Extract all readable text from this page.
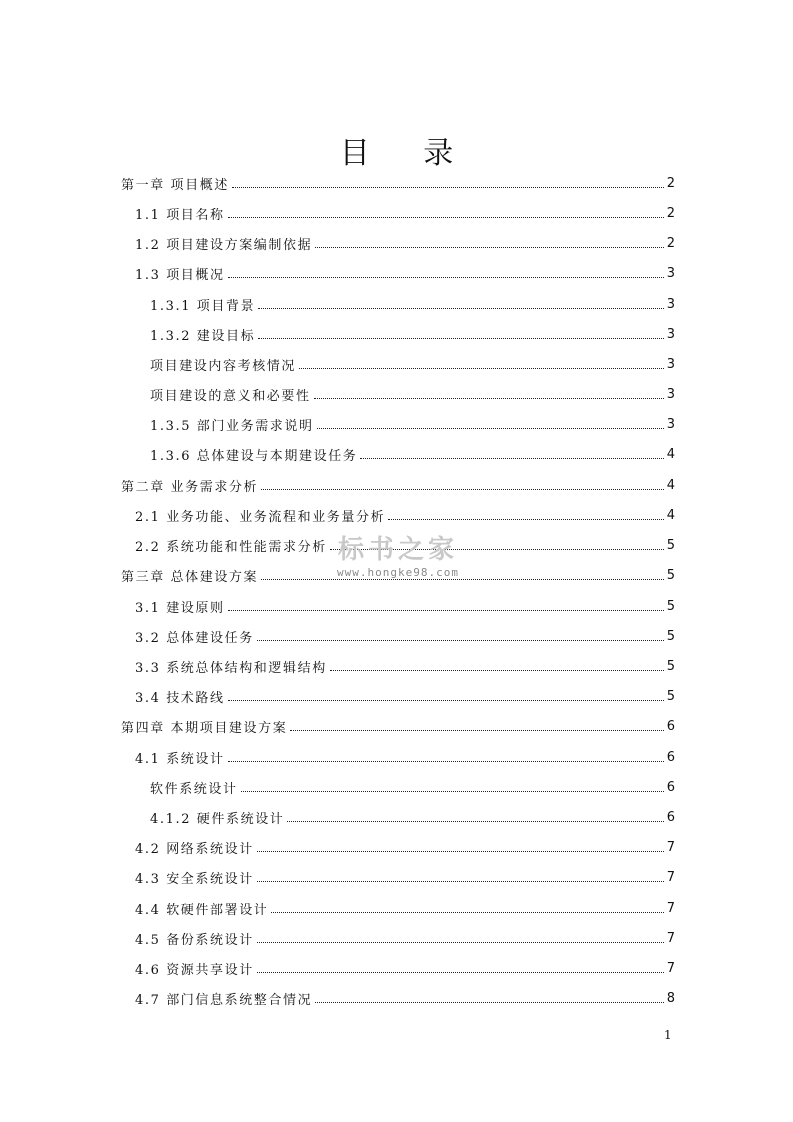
目 录
第一章 项目概述	2
1.1 项目名称	2
1.2 项目建设方案编制依据	2
1.3 项目概况	3
1.3.1 项目背景	3
1.3.2 建设目标	3
项目建设内容考核情况	3
项目建设的意义和必要性	3
1.3.5 部门业务需求说明	3
1.3.6 总体建设与本期建设任务	4
第二章 业务需求分析	4
2.1 业务功能、业务流程和业务量分析	4
2.2 系统功能和性能需求分析	5
第三章 总体建设方案	5
3.1 建设原则	5
3.2 总体建设任务	5
3.3 系统总体结构和逻辑结构	5
3.4 技术路线	5
第四章 本期项目建设方案	6
4.1 系统设计	6
软件系统设计	6
4.1.2 硬件系统设计	6
4.2 网络系统设计	7
4.3 安全系统设计	7
4.4 软硬件部署设计	7
4.5 备份系统设计	7
4.6 资源共享设计	7
4.7 部门信息系统整合情况	8
标书之家
www.hongke98.com
1
